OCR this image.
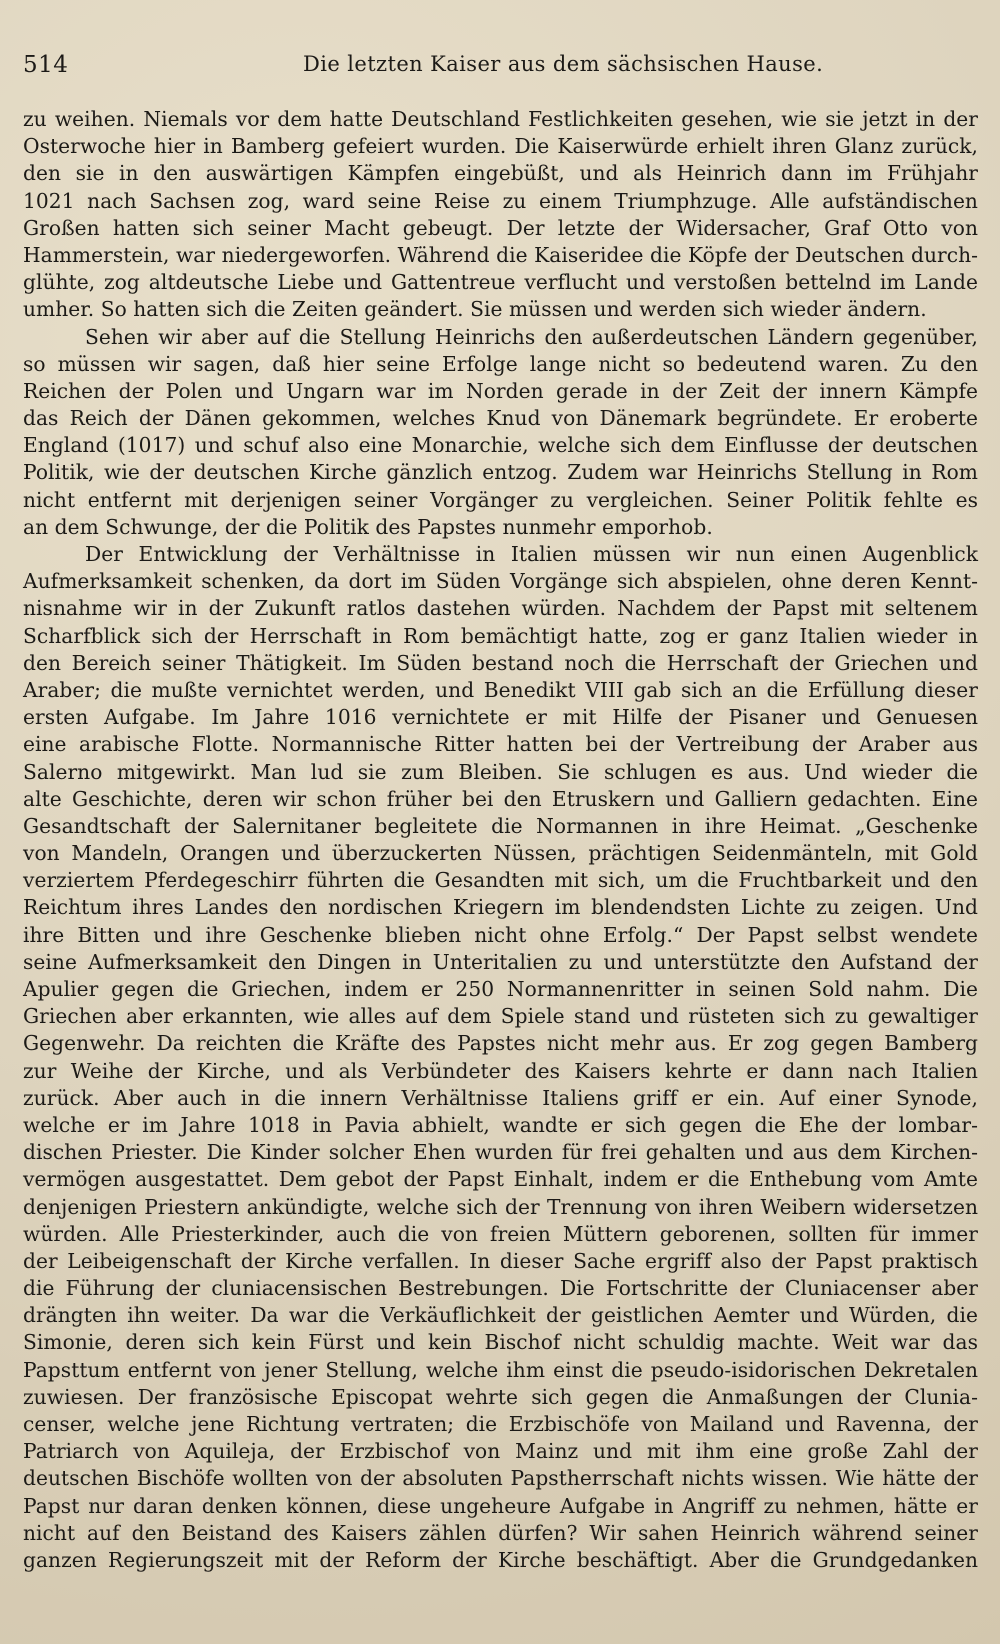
514	Die letzten Kaiser aus dem sächsischen Hause.
zu weihen. Niemals vor dem hatte Deutschland Festlichkeiten gesehen, wie sie jetzt in der
Osterwoche hier in Bamberg gefeiert wurden. Die Kaiserwürde erhielt ihren Glanz zurück,
den sie in den auswärtigen Kämpfen eingebüßt, und als Heinrich dann im Frühjahr
1021 nach Sachsen zog, ward seine Reise zu einem Triumphzuge. Alle aufständischen
Großen hatten sich seiner Macht gebeugt. Der letzte der Widersacher, Graf Otto von
Hammerstein, war niedergeworfen. Während die Kaiseridee die Köpfe der Deutschen durch-
glühte, zog altdeutsche Liebe und Gattentreue verflucht und verstoßen bettelnd im Lande
umher. So hatten sich die Zeiten geändert. Sie müssen und werden sich wieder ändern.
Sehen wir aber auf die Stellung Heinrichs den außerdeutschen Ländern gegenüber,
so müssen wir sagen, daß hier seine Erfolge lange nicht so bedeutend waren. Zu den
Reichen der Polen und Ungarn war im Norden gerade in der Zeit der innern Kämpfe
das Reich der Dänen gekommen, welches Knud von Dänemark begründete. Er eroberte
England (1017) und schuf also eine Monarchie, welche sich dem Einflusse der deutschen
Politik, wie der deutschen Kirche gänzlich entzog. Zudem war Heinrichs Stellung in Rom
nicht entfernt mit derjenigen seiner Vorgänger zu vergleichen. Seiner Politik fehlte es
an dem Schwunge, der die Politik des Papstes nunmehr emporhob.
Der Entwicklung der Verhältnisse in Italien müssen wir nun einen Augenblick
Aufmerksamkeit schenken, da dort im Süden Vorgänge sich abspielen, ohne deren Kennt-
nisnahme wir in der Zukunft ratlos dastehen würden. Nachdem der Papst mit seltenem
Scharfblick sich der Herrschaft in Rom bemächtigt hatte, zog er ganz Italien wieder in
den Bereich seiner Thätigkeit. Im Süden bestand noch die Herrschaft der Griechen und
Araber; die mußte vernichtet werden, und Benedikt VIII gab sich an die Erfüllung dieser
ersten Aufgabe. Im Jahre 1016 vernichtete er mit Hilfe der Pisaner und Genuesen
eine arabische Flotte. Normannische Ritter hatten bei der Vertreibung der Araber aus
Salerno mitgewirkt. Man lud sie zum Bleiben. Sie schlugen es aus. Und wieder die
alte Geschichte, deren wir schon früher bei den Etruskern und Galliern gedachten. Eine
Gesandtschaft der Salernitaner begleitete die Normannen in ihre Heimat. „Geschenke
von Mandeln, Orangen und überzuckerten Nüssen, prächtigen Seidenmänteln, mit Gold
verziertem Pferdegeschirr führten die Gesandten mit sich, um die Fruchtbarkeit und den
Reichtum ihres Landes den nordischen Kriegern im blendendsten Lichte zu zeigen. Und
ihre Bitten und ihre Geschenke blieben nicht ohne Erfolg.“ Der Papst selbst wendete
seine Aufmerksamkeit den Dingen in Unteritalien zu und unterstützte den Aufstand der
Apulier gegen die Griechen, indem er 250 Normannenritter in seinen Sold nahm. Die
Griechen aber erkannten, wie alles auf dem Spiele stand und rüsteten sich zu gewaltiger
Gegenwehr. Da reichten die Kräfte des Papstes nicht mehr aus. Er zog gegen Bamberg
zur Weihe der Kirche, und als Verbündeter des Kaisers kehrte er dann nach Italien
zurück. Aber auch in die innern Verhältnisse Italiens griff er ein. Auf einer Synode,
welche er im Jahre 1018 in Pavia abhielt, wandte er sich gegen die Ehe der lombar-
dischen Priester. Die Kinder solcher Ehen wurden für frei gehalten und aus dem Kirchen-
vermögen ausgestattet. Dem gebot der Papst Einhalt, indem er die Enthebung vom Amte
denjenigen Priestern ankündigte, welche sich der Trennung von ihren Weibern widersetzen
würden. Alle Priesterkinder, auch die von freien Müttern geborenen, sollten für immer
der Leibeigenschaft der Kirche verfallen. In dieser Sache ergriff also der Papst praktisch
die Führung der cluniacensischen Bestrebungen. Die Fortschritte der Cluniacenser aber
drängten ihn weiter. Da war die Verkäuflichkeit der geistlichen Aemter und Würden, die
Simonie, deren sich kein Fürst und kein Bischof nicht schuldig machte. Weit war das
Papsttum entfernt von jener Stellung, welche ihm einst die pseudo-isidorischen Dekretalen
zuwiesen. Der französische Episcopat wehrte sich gegen die Anmaßungen der Clunia-
censer, welche jene Richtung vertraten; die Erzbischöfe von Mailand und Ravenna, der
Patriarch von Aquileja, der Erzbischof von Mainz und mit ihm eine große Zahl der
deutschen Bischöfe wollten von der absoluten Papstherrschaft nichts wissen. Wie hätte der
Papst nur daran denken können, diese ungeheure Aufgabe in Angriff zu nehmen, hätte er
nicht auf den Beistand des Kaisers zählen dürfen? Wir sahen Heinrich während seiner
ganzen Regierungszeit mit der Reform der Kirche beschäftigt. Aber die Grundgedanken
